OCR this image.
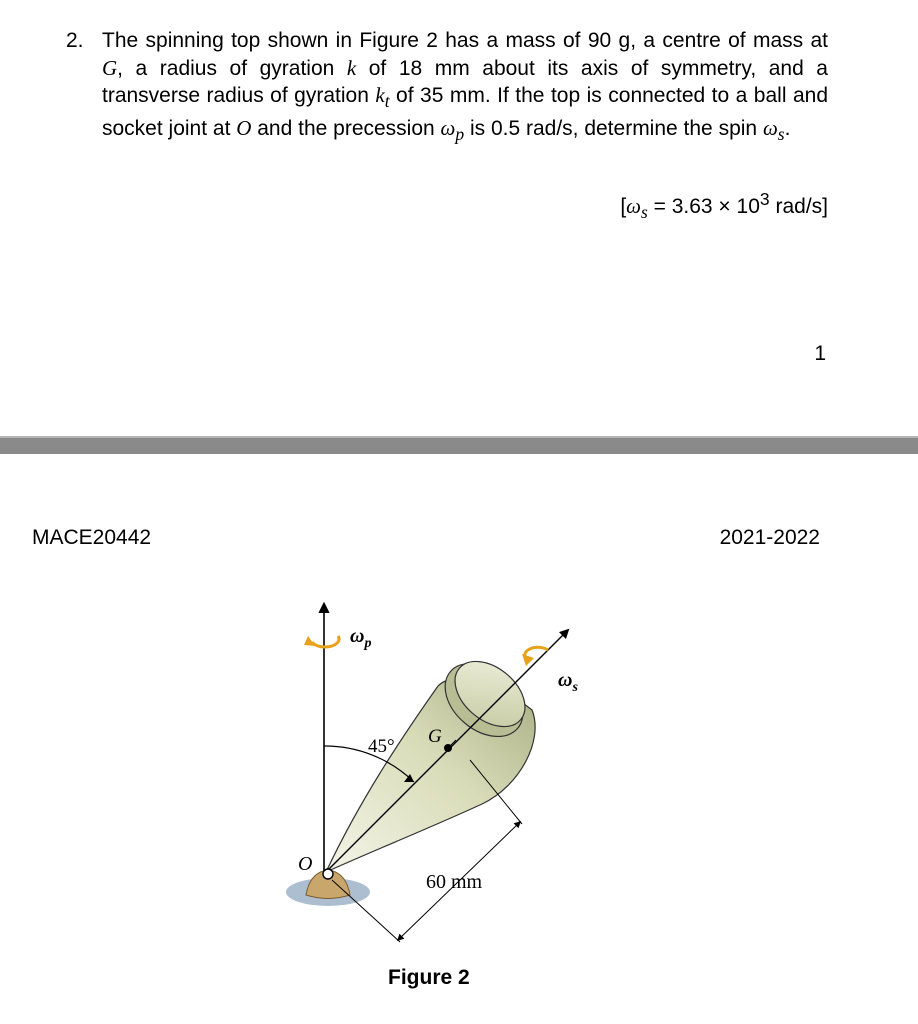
2. The spinning top shown in Figure 2 has a mass of 90 g, a centre of mass at G, a radius of gyration k of 18 mm about its axis of symmetry, and a transverse radius of gyration $k_t$ of 35 mm. If the top is connected to a ball and socket joint at O and the precession $\omega_p$ is 0.5 rad/s, determine the spin $\omega_s$.
[$\omega_s = 3.63 \times 10^3$ rad/s]
1
MACE20442	2021-2022
$\omega_p$
$\omega_s$
45° G
O
60 mm
Figure 2
